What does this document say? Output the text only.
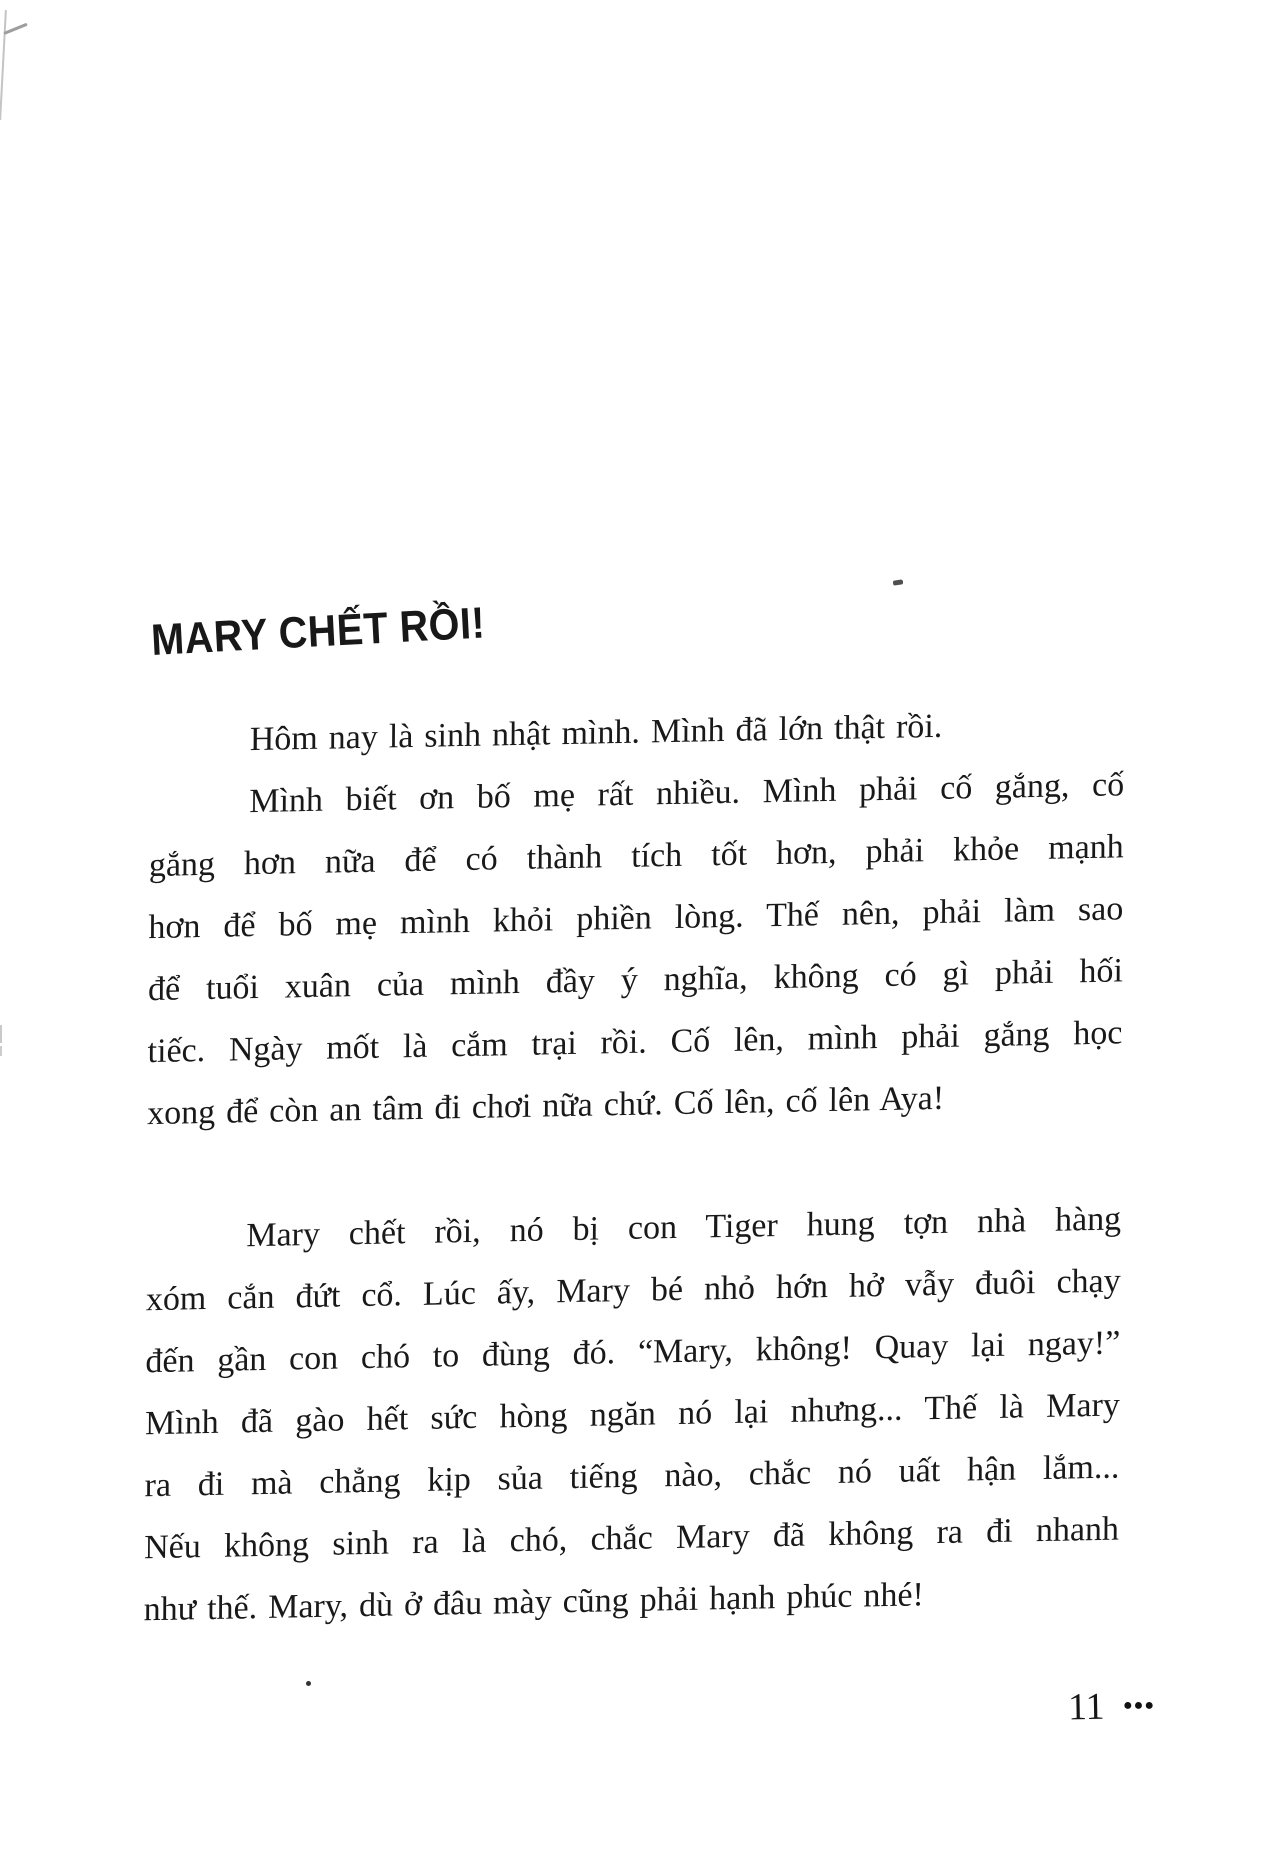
MARY CHẾT RỒI!
Hôm nay là sinh nhật mình. Mình đã lớn thật rồi.
Mình biết ơn bố mẹ rất nhiều. Mình phải cố gắng, cố
gắng hơn nữa để có thành tích tốt hơn, phải khỏe mạnh
hơn để bố mẹ mình khỏi phiền lòng. Thế nên, phải làm sao
để tuổi xuân của mình đầy ý nghĩa, không có gì phải hối
tiếc. Ngày mốt là cắm trại rồi. Cố lên, mình phải gắng học
xong để còn an tâm đi chơi nữa chứ. Cố lên, cố lên Aya!
Mary chết rồi, nó bị con Tiger hung tợn nhà hàng
xóm cắn đứt cổ. Lúc ấy, Mary bé nhỏ hớn hở vẫy đuôi chạy
đến gần con chó to đùng đó. “Mary, không! Quay lại ngay!”
Mình đã gào hết sức hòng ngăn nó lại nhưng... Thế là Mary
ra đi mà chẳng kịp sủa tiếng nào, chắc nó uất hận lắm...
Nếu không sinh ra là chó, chắc Mary đã không ra đi nhanh
như thế. Mary, dù ở đâu mày cũng phải hạnh phúc nhé!
11 ●●●
